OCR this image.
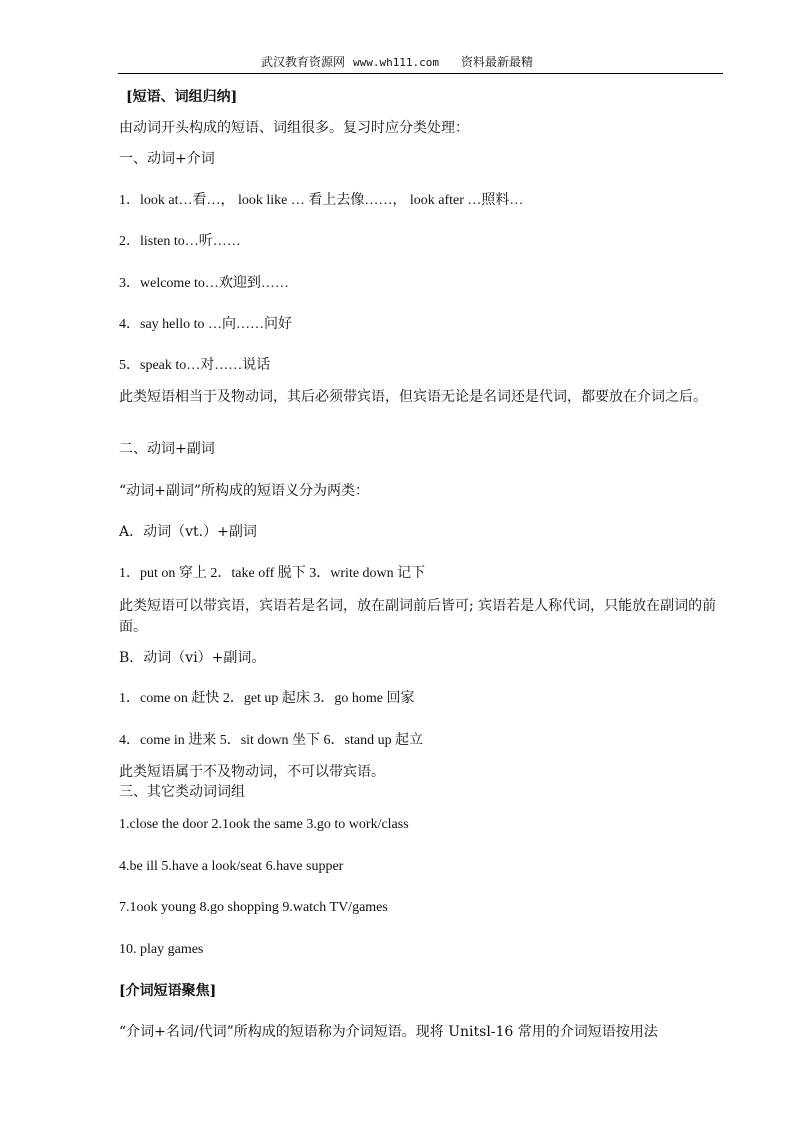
武汉教育资源网 www.wh111.com 资料最新最精
[短语、词组归纳]
由动词开头构成的短语、词组很多。复习时应分类处理：
一、动词+介词
1．look at…看…， look like … 看上去像……， look after …照料…
2．listen to…听……
3．welcome to…欢迎到……
4．say hello to …向……问好
5．speak to…对……说话
此类短语相当于及物动词，其后必须带宾语，但宾语无论是名词还是代词，都要放在介词之后。
二、动词+副词
“动词+副词”所构成的短语义分为两类：
A．动词（vt.）+副词
1．put on 穿上 2．take off 脱下 3．write down 记下
此类短语可以带宾语，宾语若是名词，放在副词前后皆可; 宾语若是人称代词，只能放在副词的前面。
B．动词（vi）+副词。
1．come on 赶快 2．get up 起床 3．go home 回家
4．come in 进来 5．sit down 坐下 6．stand up 起立
此类短语属于不及物动词，不可以带宾语。
三、其它类动词词组
1.close the door 2.1ook the same 3.go to work/class
4.be ill 5.have a look/seat 6.have supper
7.1ook young 8.go shopping 9.watch TV/games
10. play games
[介词短语聚焦]
“介词+名词/代词”所构成的短语称为介词短语。现将 Unitsl-16 常用的介词短语按用法
